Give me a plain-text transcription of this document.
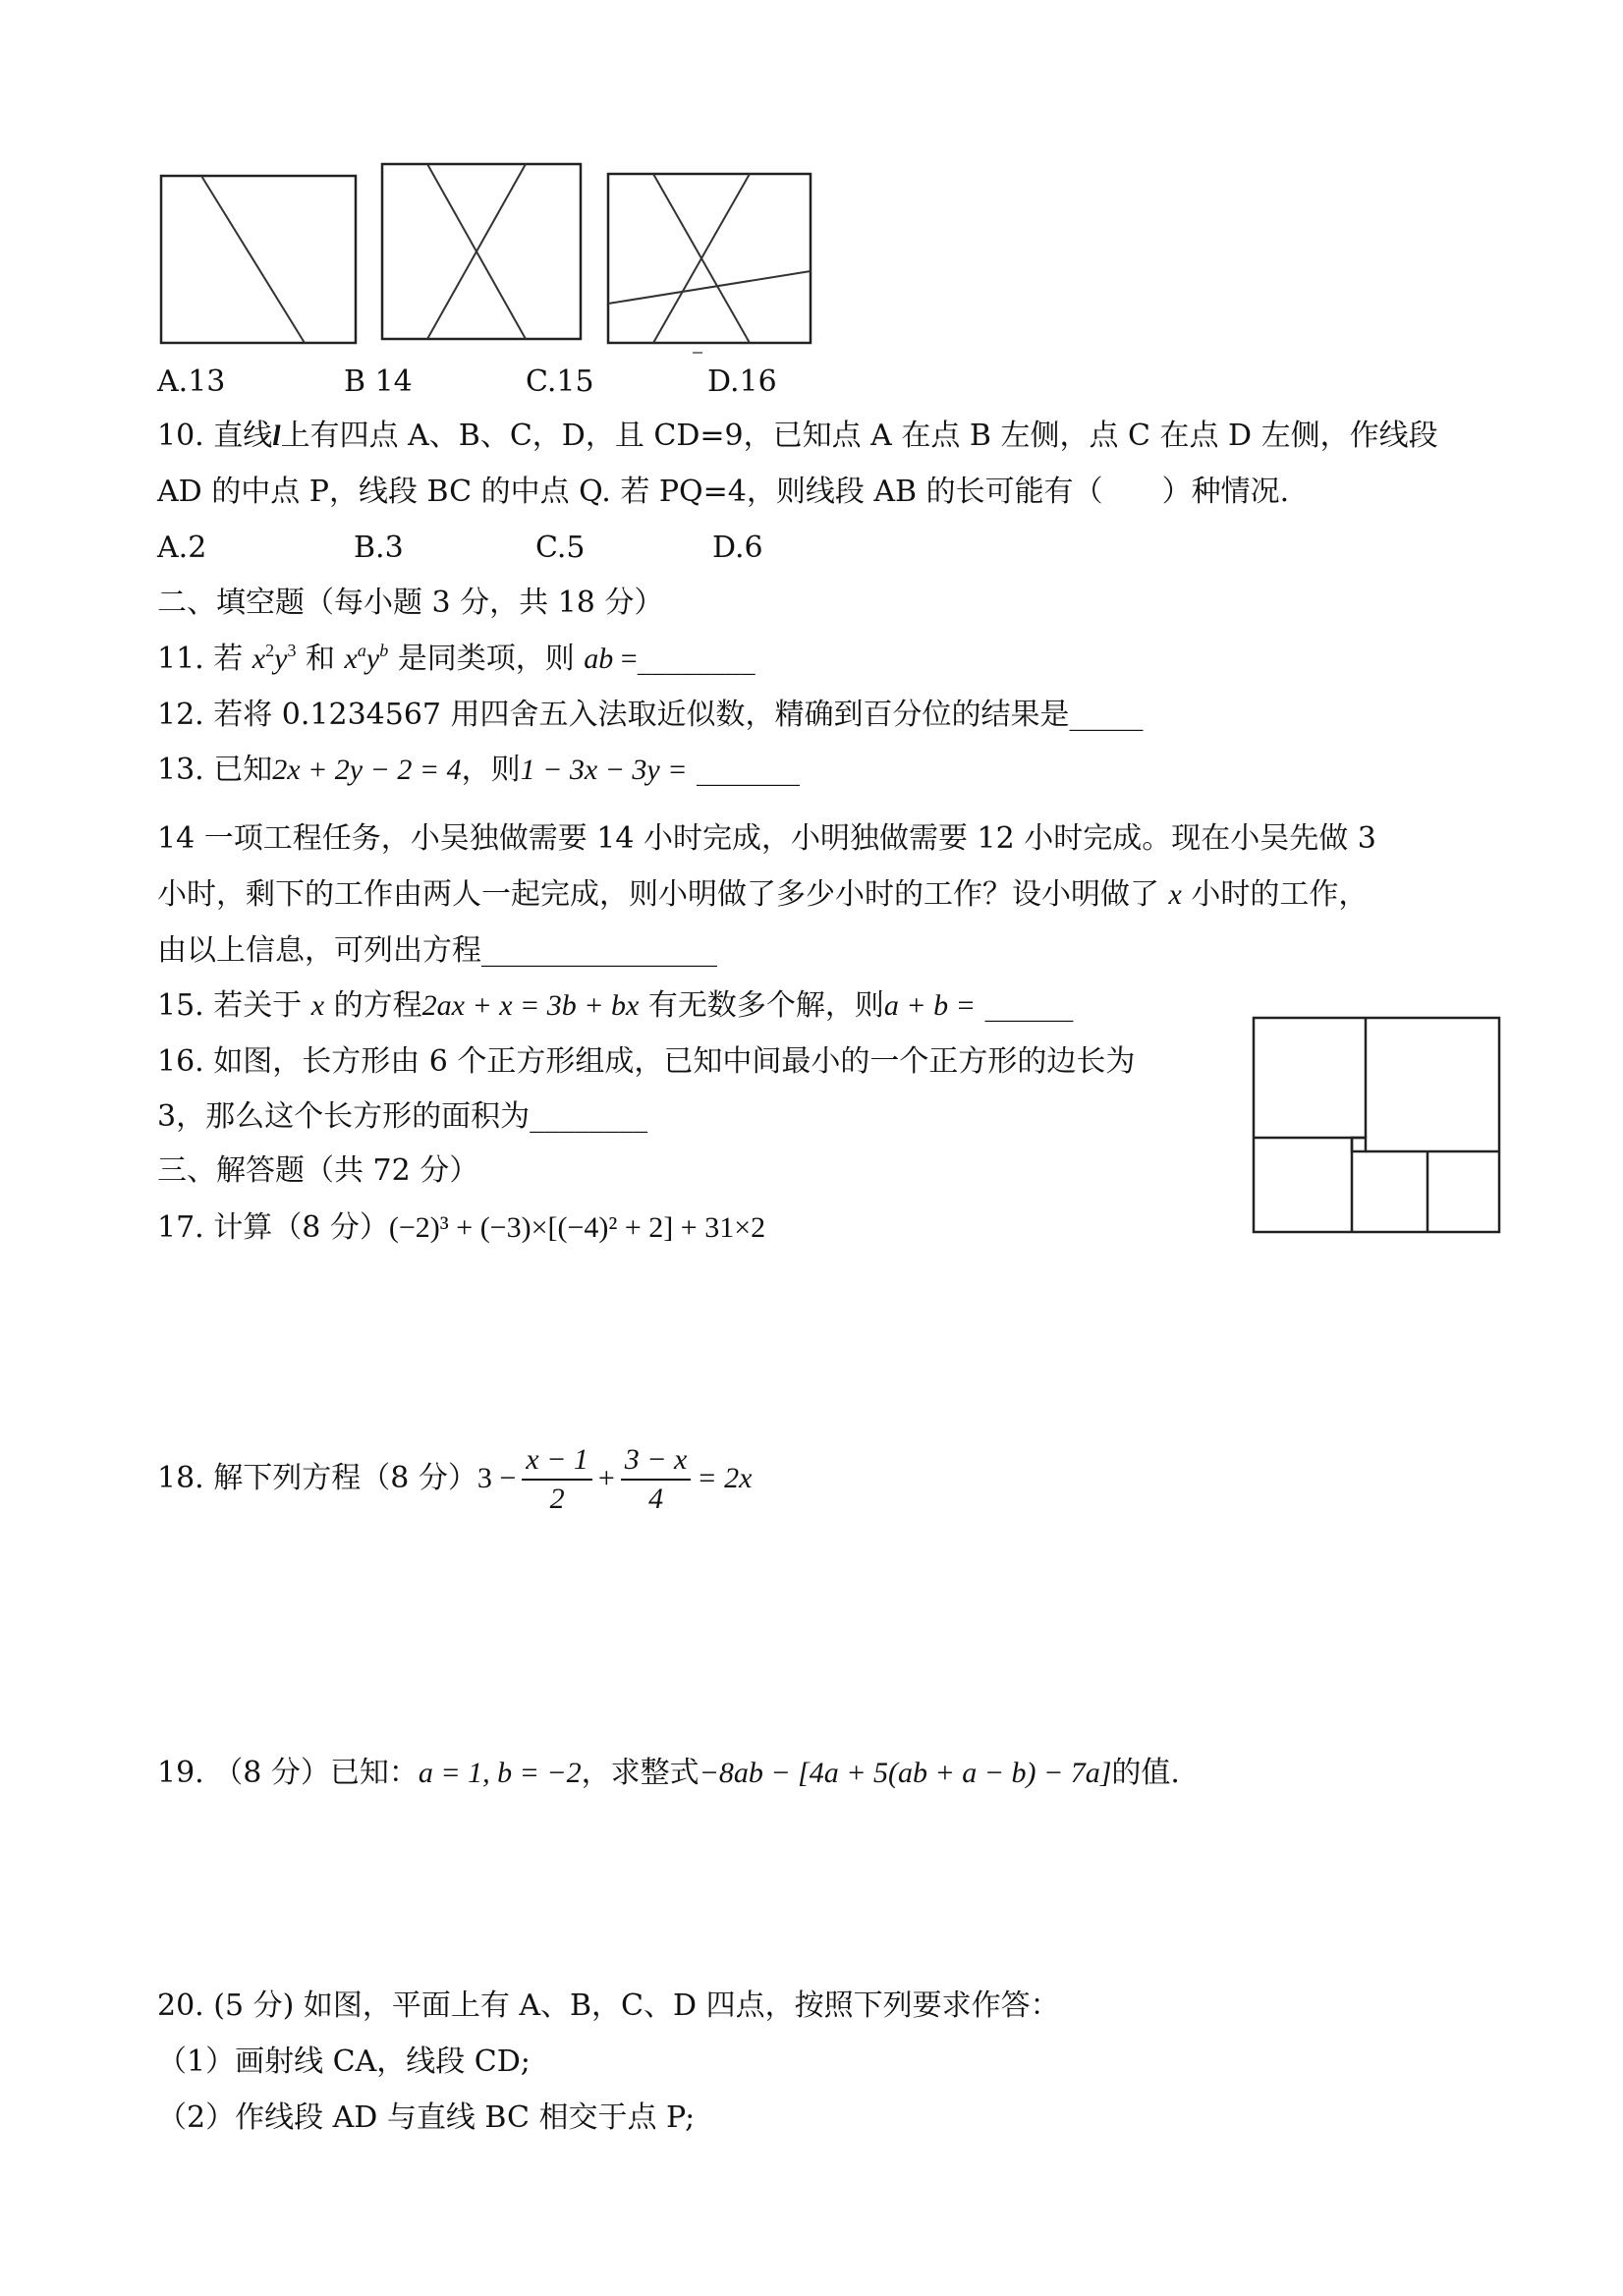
A.13	B 14	C.15	D.16
10. 直线l上有四点 A、B、C，D，且 CD=9，已知点 A 在点 B 左侧，点 C 在点 D 左侧，作线段
AD 的中点 P，线段 BC 的中点 Q. 若 PQ=4，则线段 AB 的长可能有（　　）种情况.
A.2	B.3	C.5	D.6
二、填空题（每小题 3 分，共 18 分）
11. 若 $x^2y^3$ 和 $x^ay^b$ 是同类项，则 ab =________
12. 若将 0.1234567 用四舍五入法取近似数，精确到百分位的结果是_____
13. 已知2x + 2y − 2 = 4，则1 − 3x − 3y = _______
14 一项工程任务，小吴独做需要 14 小时完成，小明独做需要 12 小时完成。现在小吴先做 3
小时，剩下的工作由两人一起完成，则小明做了多少小时的工作？设小明做了 x 小时的工作，
由以上信息，可列出方程________________
15. 若关于 x 的方程2ax + x = 3b + bx 有无数多个解，则a + b = ______
16. 如图，长方形由 6 个正方形组成，已知中间最小的一个正方形的边长为
3，那么这个长方形的面积为________
三、解答题（共 72 分）
17. 计算（8 分）(−2)³ + (−3)×[(−4)² + 2] + 31×2
18. 解下列方程（8 分）$3 - \frac{x - 1}{2} + \frac{3 - x}{4} = 2x$
19. （8 分）已知：a = 1, b = −2，求整式−8ab − [4a + 5(ab + a − b) − 7a]的值.
20. (5 分) 如图，平面上有 A、B，C、D 四点，按照下列要求作答：
（1）画射线 CA，线段 CD;
（2）作线段 AD 与直线 BC 相交于点 P;
